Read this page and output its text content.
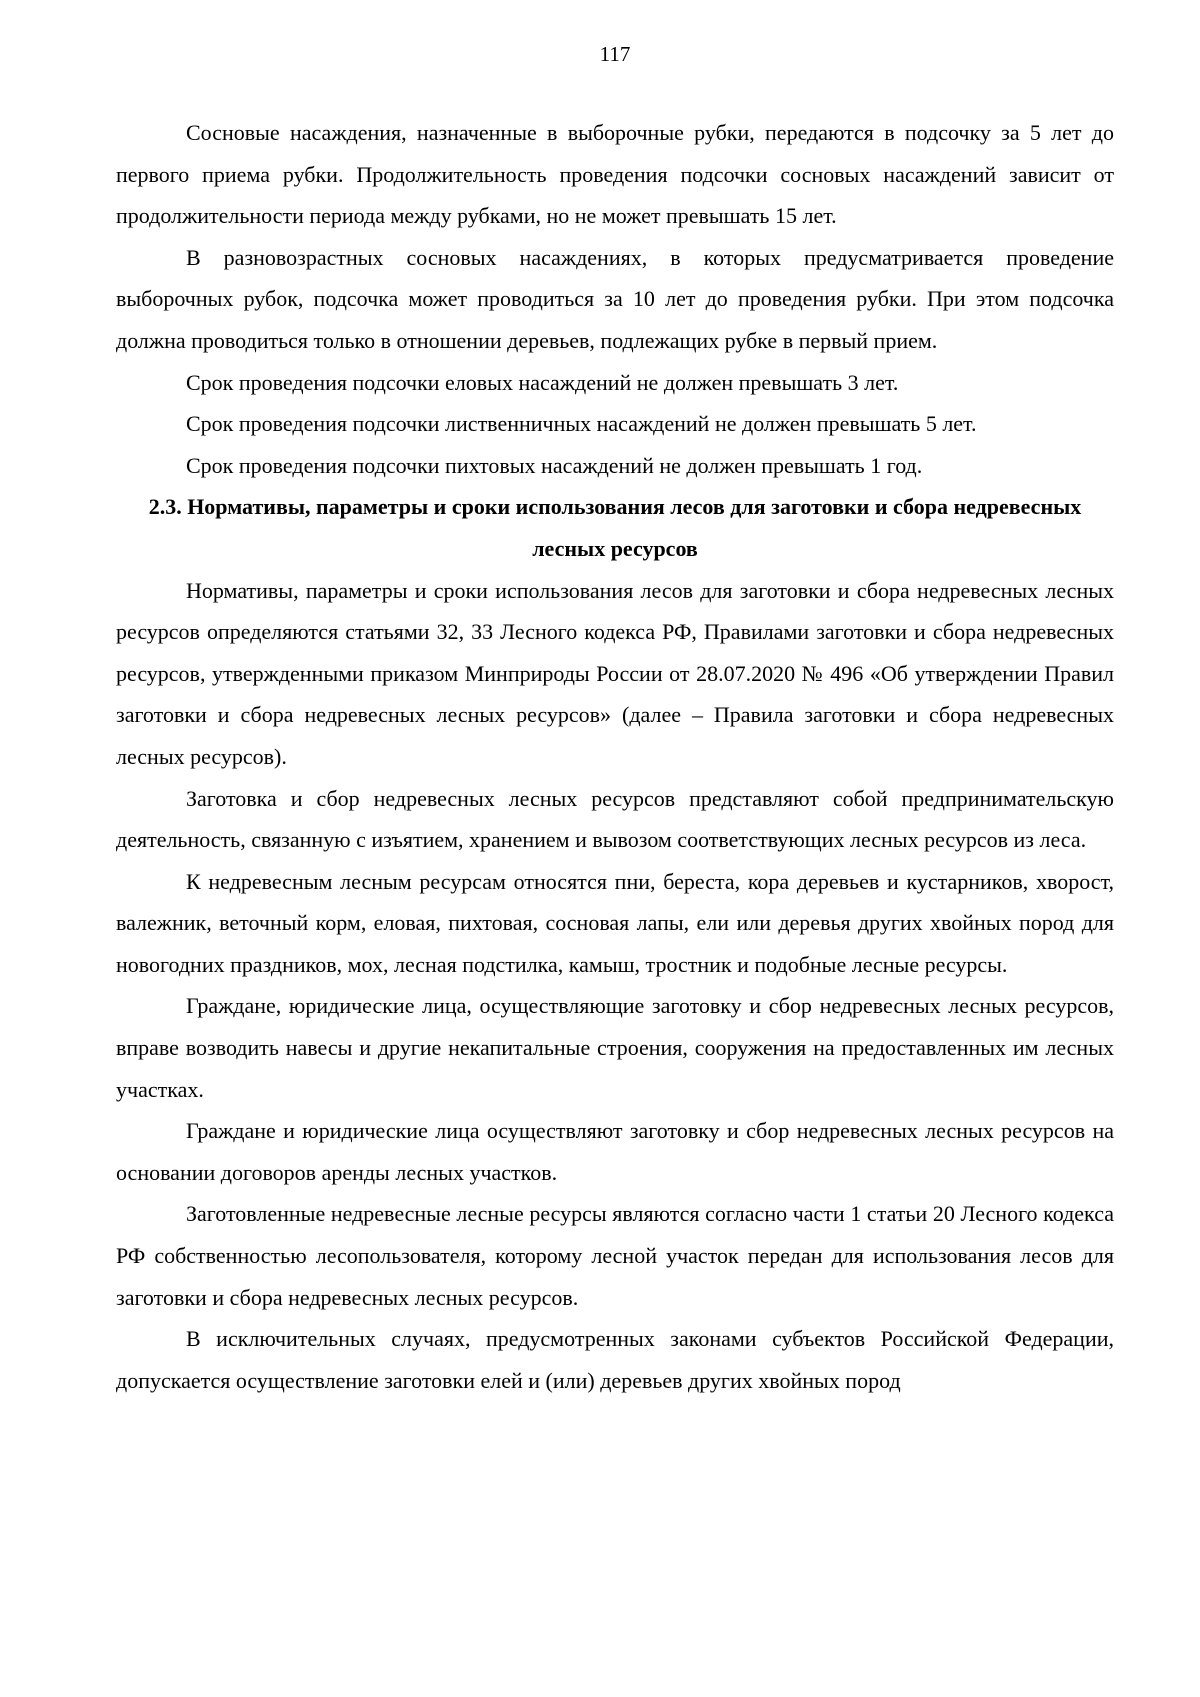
117

Сосновые насаждения, назначенные в выборочные рубки, передаются в подсочку за 5 лет до первого приема рубки. Продолжительность проведения подсочки сосновых насаждений зависит от продолжительности периода между рубками, но не может превышать 15 лет.

В разновозрастных сосновых насаждениях, в которых предусматривается проведение выборочных рубок, подсочка может проводиться за 10 лет до проведения рубки. При этом подсочка должна проводиться только в отношении деревьев, подлежащих рубке в первый прием.

Срок проведения подсочки еловых насаждений не должен превышать 3 лет.

Срок проведения подсочки лиственничных насаждений не должен превышать 5 лет.

Срок проведения подсочки пихтовых насаждений не должен превышать 1 год.

2.3. Нормативы, параметры и сроки использования лесов для заготовки и сбора недревесных лесных ресурсов

Нормативы, параметры и сроки использования лесов для заготовки и сбора недревесных лесных ресурсов определяются статьями 32, 33 Лесного кодекса РФ, Правилами заготовки и сбора недревесных ресурсов, утвержденными приказом Минприроды России от 28.07.2020 № 496 «Об утверждении Правил заготовки и сбора недревесных лесных ресурсов» (далее – Правила заготовки и сбора недревесных лесных ресурсов).

Заготовка и сбор недревесных лесных ресурсов представляют собой предпринимательскую деятельность, связанную с изъятием, хранением и вывозом соответствующих лесных ресурсов из леса.

К недревесным лесным ресурсам относятся пни, береста, кора деревьев и кустарников, хворост, валежник, веточный корм, еловая, пихтовая, сосновая лапы, ели или деревья других хвойных пород для новогодних праздников, мох, лесная подстилка, камыш, тростник и подобные лесные ресурсы.

Граждане, юридические лица, осуществляющие заготовку и сбор недревесных лесных ресурсов, вправе возводить навесы и другие некапитальные строения, сооружения на предоставленных им лесных участках.

Граждане и юридические лица осуществляют заготовку и сбор недревесных лесных ресурсов на основании договоров аренды лесных участков.

Заготовленные недревесные лесные ресурсы являются согласно части 1 статьи 20 Лесного кодекса РФ собственностью лесопользователя, которому лесной участок передан для использования лесов для заготовки и сбора недревесных лесных ресурсов.

В исключительных случаях, предусмотренных законами субъектов Российской Федерации, допускается осуществление заготовки елей и (или) деревьев других хвойных пород
